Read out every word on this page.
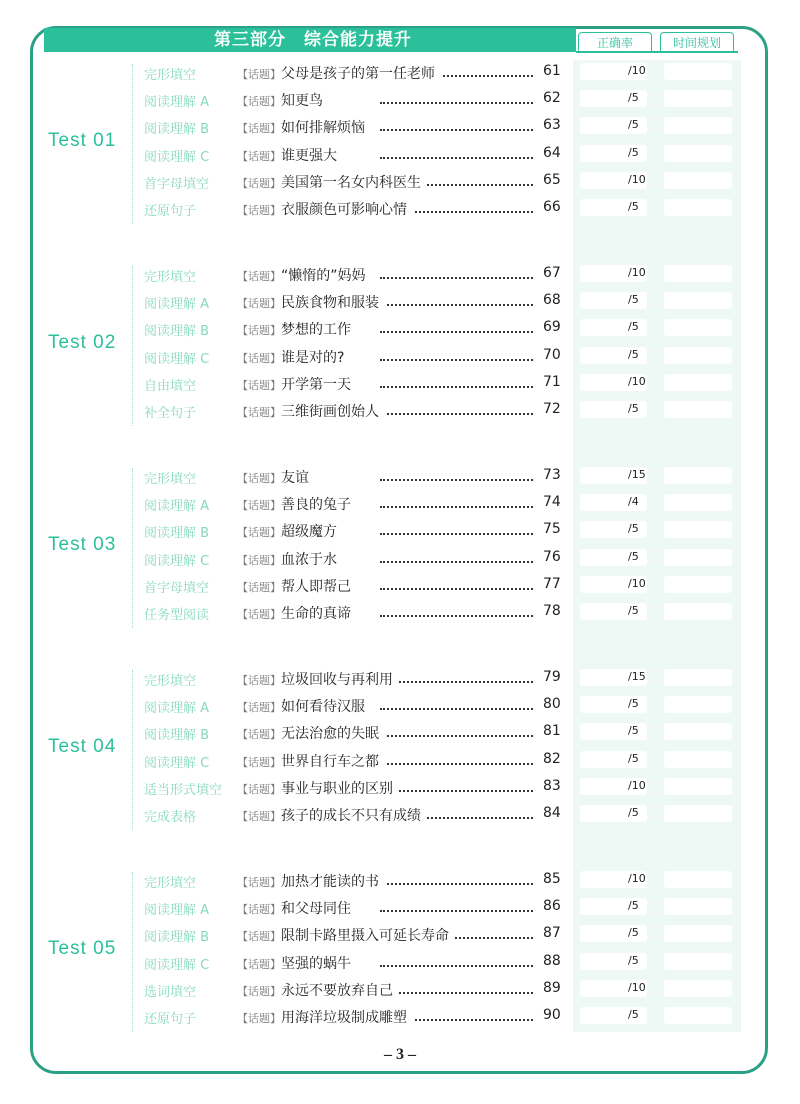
第三部分　综合能力提升	正确率	时间规划
Test 01
完形填空	【话题】 父母是孩子的第一任老师	61	/10
阅读理解 A	【话题】 知更鸟	62	/5
阅读理解 B	【话题】 如何排解烦恼	63	/5
阅读理解 C	【话题】 谁更强大	64	/5
首字母填空	【话题】 美国第一名女内科医生	65	/10
还原句子	【话题】 衣服颜色可影响心情	66	/5
Test 02
完形填空	【话题】 “懒惰的”妈妈	67	/10
阅读理解 A	【话题】 民族食物和服装	68	/5
阅读理解 B	【话题】 梦想的工作	69	/5
阅读理解 C	【话题】 谁是对的?	70	/5
自由填空	【话题】 开学第一天	71	/10
补全句子	【话题】 三维街画创始人	72	/5
Test 03
完形填空	【话题】 友谊	73	/15
阅读理解 A	【话题】 善良的兔子	74	/4
阅读理解 B	【话题】 超级魔方	75	/5
阅读理解 C	【话题】 血浓于水	76	/5
首字母填空	【话题】 帮人即帮己	77	/10
任务型阅读	【话题】 生命的真谛	78	/5
Test 04
完形填空	【话题】 垃圾回收与再利用	79	/15
阅读理解 A	【话题】 如何看待汉服	80	/5
阅读理解 B	【话题】 无法治愈的失眠	81	/5
阅读理解 C	【话题】 世界自行车之都	82	/5
适当形式填空 【话题】 事业与职业的区别	83	/10
完成表格	【话题】 孩子的成长不只有成绩	84	/5
Test 05
完形填空	【话题】 加热才能读的书	85	/10
阅读理解 A	【话题】 和父母同住	86	/5
阅读理解 B	【话题】 限制卡路里摄入可延长寿命	87	/5
阅读理解 C	【话题】 坚强的蜗牛	88	/5
选词填空	【话题】 永远不要放弃自己	89	/10
还原句子	【话题】 用海洋垃圾制成雕塑	90	/5
– 3 –
